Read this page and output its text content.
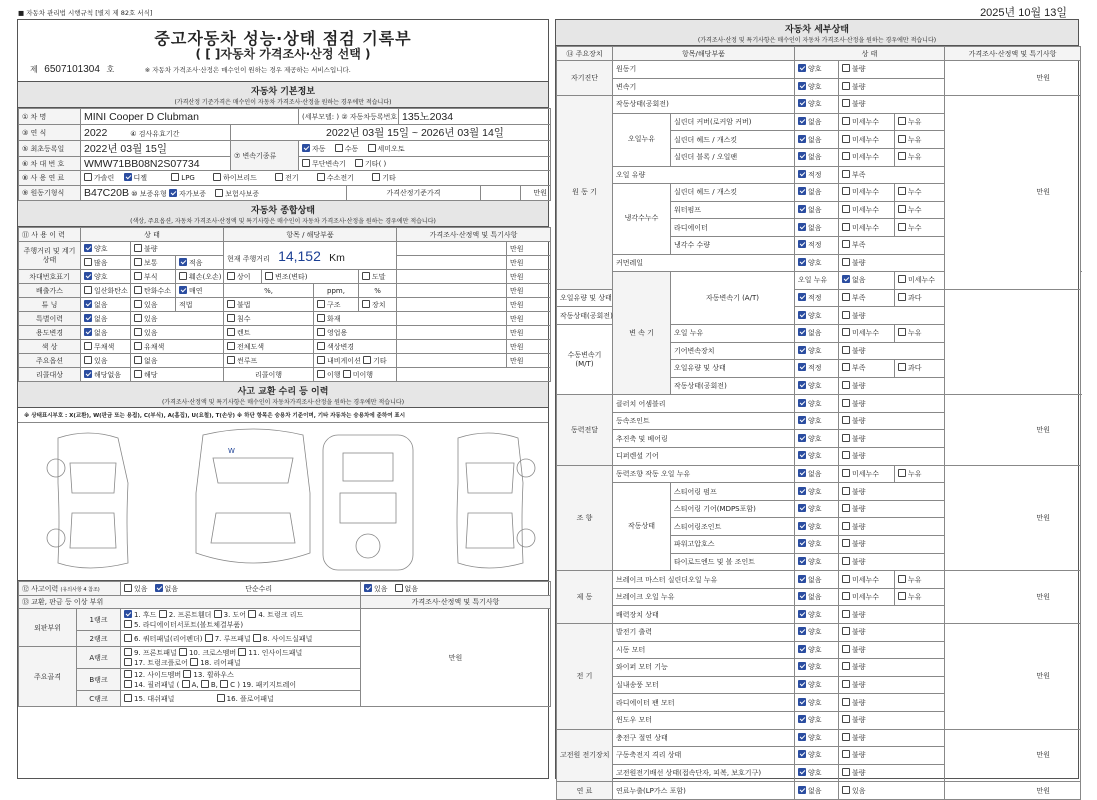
■ 자동차 관리법 시행규칙 [별지 제 82호 서식]	2025년 10월 13일
중고자동차 성능·상태 점검 기록부
( [ ]자동차 가격조사·산정 선택 )
제 6507101304 호	※ 자동차 가격조사·산정은 매수인이 원하는 경우 제공하는 서비스입니다.
자동차 기본정보
(가격산정 기준가격은 매수인이 자동차 가격조사·산정을 원하는 경우에만 적습니다)
① 차 명	MINI Cooper D Clubman		(세부모델: ) ② 자동차등록번호		135노2034		
③ 연 식	2022 ④ 검사유효기간	2022년 03월 15일 ~ 2026년 03월 14일					
⑤ 최초등록일	2022년 03월 15일	⑦ 변속기종류	자동 수동 세미오토				
⑥ 차 대 번 호	WMW71BB08N2S07734		무단변속기 기타( )				
⑧ 사 용 연 료	가솔린 디젤 LPG 하이브리드 전기 수소전기 기타						
⑨ 원동기형식	B47C20B ⑩ 보증유형 자가보증 보험사보증			가격산정기준가격			만원
자동차 종합상태
(색상, 주요옵션, 자동차 가격조사·산정액 및 특기사항은 매수인이 자동차 가격조사·산정을 원하는 경우에만 적습니다)
⑪ 사 용 이 력	상 태			항목 / 해당부품				가격조사·산정액 및 특기사항	
주행거리 및 계기상태	양호	불량		현재 주행거리 14,152 Km					만원
	많음	보통	적음						만원
차대번호표기	양호	부식	훼손(오손)	상이	변조(변타)		도말		만원
배출가스	일산화탄소	탄화수소	매연	%,		ppm,	%		만원
튜 닝	없음	있음	적법	불법		구조	장치		만원
특별이력	없음	있음		침수		화재			만원
용도변경	없음	있음		렌트		영업용			만원
색 상	무채색	유채색		전체도색		색상변경			만원
주요옵션	있음	없음		썬루프		내비게이션 기타			만원
리콜대상	해당없음	해당		리콜이행		이행 미이행			
사고 교환 수리 등 이력
(가격조사·산정액 및 특기사항은 매수인이 자동차가격조사·산정을 원하는 경우에만 적습니다)
※ 상태표시부호 : X(교환), W(판금 또는 용접), C(부식), A(흠집), U(요철), T(손상) ※ 하단 항목은 승용차 기준이며, 기타 자동차는 승용차에 준하여 표시
W
⑫ 사고이력 (유의사항 4 참조)		있음 없음 단순수리	있음 없음
⑬ 교환, 판금 등 이상 부위			가격조사·산정액 및 특기사항
외판부위	1랭크	1. 후드 2. 프론트휀더 3. 도어 4. 트렁크 리드
5. 라디에이터서포트(볼트체결부품)	만원
	2랭크	6. 쿼터패널(리어펜더) 7. 루프패널 8. 사이드실패널	
주요골격	A랭크	9. 프론트패널 10. 크로스멤버 11. 인사이드패널
17. 트렁크플로어 18. 리어패널	
	B랭크	12. 사이드멤버 13. 휠하우스
14. 필러패널 ( A, B, C ) 19. 패키지트레이	
	C랭크	15. 대쉬패널 16. 플로어패널	
자동차 세부상태
(가격조사·산정 및 특기사항은 매수인이 자동차 가격조사·산정을 원하는 경우에만 적습니다)
⑭ 주요장치	항목/해당부품		상 태			가격조사·산정액 및 특기사항	
자기진단	원동기		양호	불량		만원	
	변속기		양호	불량			
원 동 기	작동상태(공회전)		양호	불량		만원	
	오일누유	실린더 커버(로커암 커버)	없음	미세누수	누유		
		실린더 헤드 / 개스킷	없음	미세누수	누유		
		실린더 블록 / 오일팬	없음	미세누수	누유		
	오일 유량		적정	부족			
	냉각수누수	실린더 헤드 / 개스킷	없음	미세누수	누수		
		워터펌프	없음	미세누수	누수		
		라디에이터	없음	미세누수	누수		
		냉각수 수량	적정	부족			
	커먼레일		양호	불량			
	변 속 기	자동변속기 (A/T)	오일 누유	없음	미세누수		
오일유량 및 상태			적정	부족	과다		
작동상태(공회전)			양호	불량			
수동변속기 (M/T)		오일 누유	없음	미세누수	누유		
		기어변속장치	양호	불량			
		오일유량 및 상태	적정	부족	과다		
		작동상태(공회전)	양호	불량			
동력전달	클러치 어셈블리		양호	불량		만원	
	등속조인트		양호	불량			
	추진축 및 베어링		양호	불량			
	디퍼렌셜 기어		양호	불량			
조 향	동력조향 작동 오일 누유		없음	미세누수	누유	만원	
	작동상태	스티어링 펌프	양호	불량			
		스티어링 기어(MDPS포함)	양호	불량			
		스티어링조인트	양호	불량			
		파워고압호스	양호	불량			
		타이로드엔드 및 볼 조인트	양호	불량			
제 동	브레이크 마스터 실린더오일 누유		없음	미세누수	누유	만원	
	브레이크 오일 누유		없음	미세누수	누유		
	배력장치 상태		양호	불량			
전 기	발전기 출력		양호	불량		만원	
	시동 모터		양호	불량			
	와이퍼 모터 기능		양호	불량			
	실내송풍 모터		양호	불량			
	라디에이터 팬 모터		양호	불량			
	윈도우 모터		양호	불량			
고전원 전기장치	충전구 절연 상태		양호	불량		만원	
	구동축전지 격리 상태		양호	불량			
	고전원전기배선 상태(접속단자, 피복, 보호기구)		양호	불량			
연 료	연료누출(LP가스 포함)		없음	있음		만원	
